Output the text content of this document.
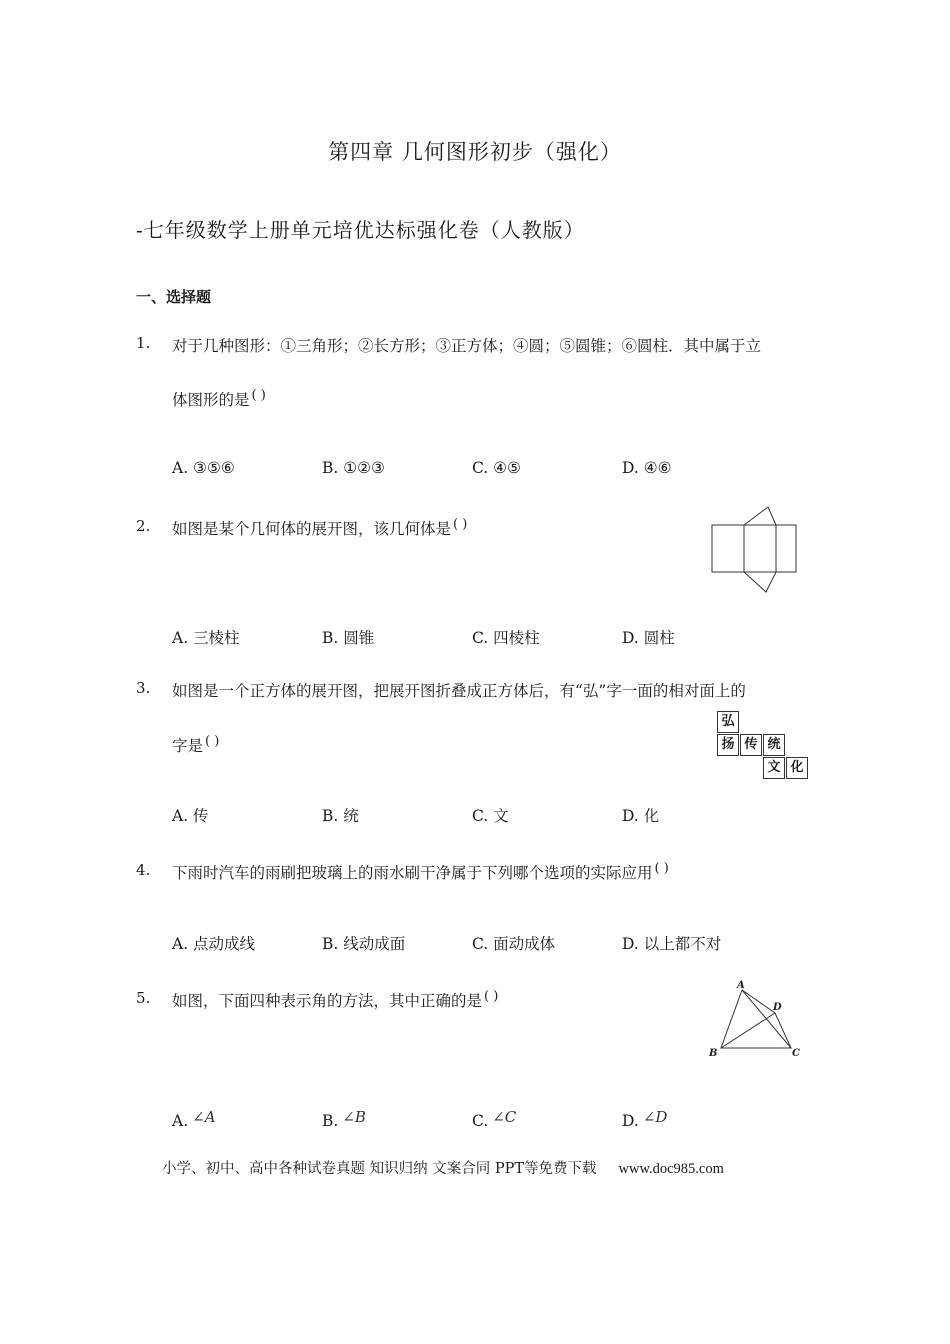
第四章 几何图形初步（强化）
-七年级数学上册单元培优达标强化卷（人教版）
一、选择题
1. 对于几种图形：①三角形；②长方形；③正方体；④圆；⑤圆锥；⑥圆柱．其中属于立
体图形的是 ( )
A. ③⑤⑥	B. ①②③	C. ④⑤	D. ④⑥
2. 如图是某个几何体的展开图，该几何体是 ( )
A. 三棱柱	B. 圆锥	C. 四棱柱	D. 圆柱
3. 如图是一个正方体的展开图，把展开图折叠成正方体后，有“弘”字一面的相对面上的
字是 ( )
弘
扬 传 统
文 化
A. 传	B. 统	C. 文	D. 化
4. 下雨时汽车的雨刷把玻璃上的雨水刷干净属于下列哪个选项的实际应用 ( )
A. 点动成线	B. 线动成面	C. 面动成体	D. 以上都不对
5. 如图，下面四种表示角的方法，其中正确的是 ( )
A
B	C
D
A. ∠A	B. ∠B	C. ∠C	D. ∠D
小学、初中、高中各种试卷真题 知识归纳 文案合同 PPT等免费下载 www.doc985.com
